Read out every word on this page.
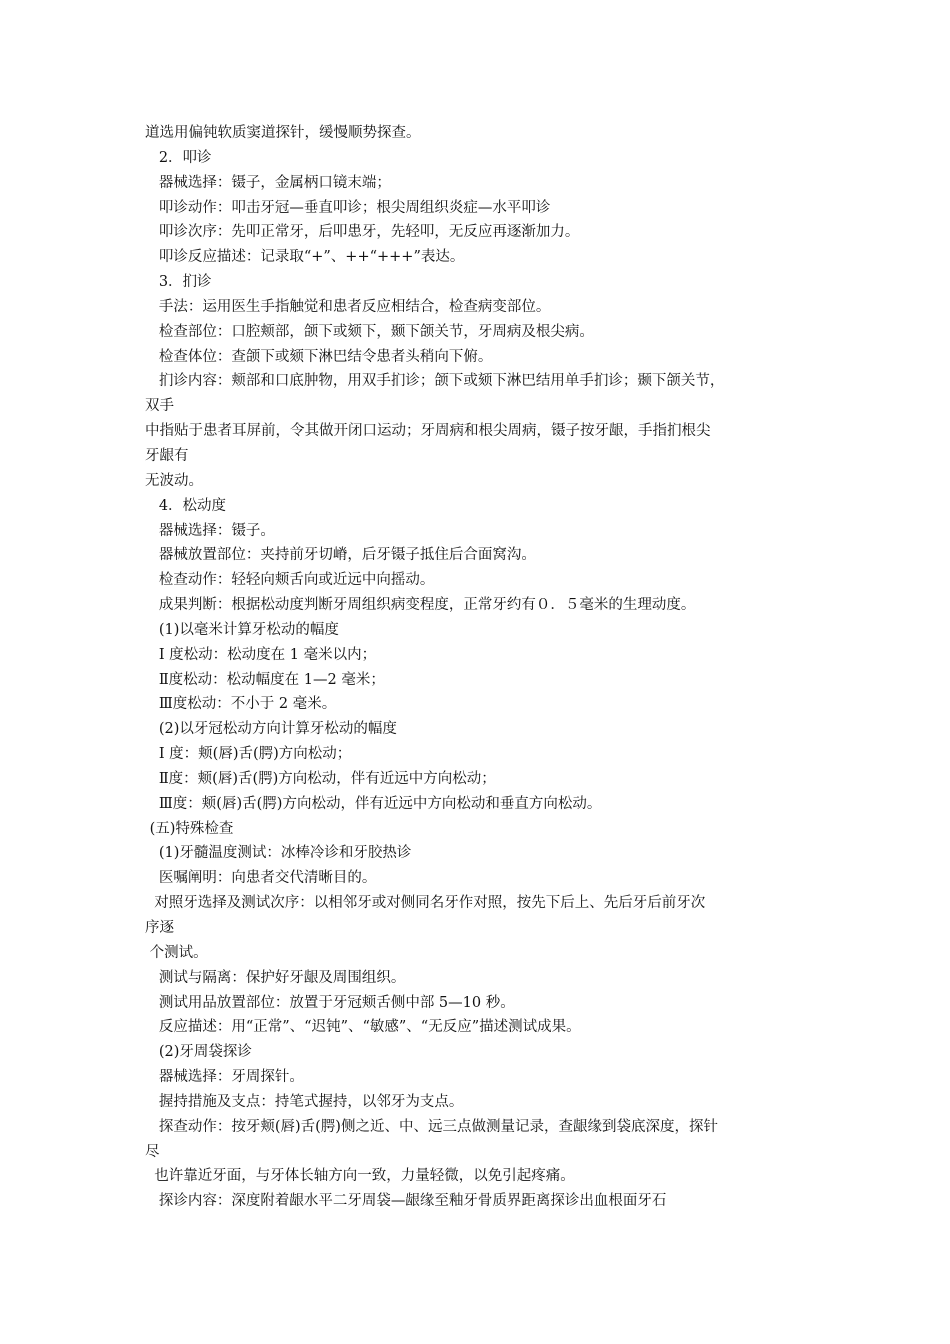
道选用偏钝软质窦道探针，缓慢顺势探查。
2．叩诊
器械选择：镊子，金属柄口镜末端；
叩诊动作：叩击牙冠—垂直叩诊；根尖周组织炎症—水平叩诊
叩诊次序：先叩正常牙，后叩患牙，先轻叩，无反应再逐渐加力。
叩诊反应描述：记录取“+”、++“+++”表达。
3．扪诊
手法：运用医生手指触觉和患者反应相结合，检查病变部位。
检查部位：口腔颊部，颌下或颏下，颞下颌关节，牙周病及根尖病。
检查体位：查颌下或颏下淋巴结令患者头稍向下俯。
扪诊内容：颊部和口底肿物，用双手扪诊；颌下或颏下淋巴结用单手扪诊；颞下颌关节，
双手
中指贴于患者耳屏前，令其做开闭口运动；牙周病和根尖周病，镊子按牙龈，手指扪根尖
牙龈有
无波动。
4．松动度
器械选择：镊子。
器械放置部位：夹持前牙切嵴，后牙镊子抵住后合面窝沟。
检查动作：轻轻向颊舌向或近远中向摇动。
成果判断：根据松动度判断牙周组织病变程度，正常牙约有０．５毫米的生理动度。
(1)以毫米计算牙松动的幅度
I 度松动：松动度在 1 毫米以内；
Ⅱ度松动：松动幅度在 1—2 毫米；
Ⅲ度松动：不小于 2 毫米。
(2)以牙冠松动方向计算牙松动的幅度
I 度：颊(唇)舌(腭)方向松动；
Ⅱ度：颊(唇)舌(腭)方向松动，伴有近远中方向松动；
Ⅲ度：颊(唇)舌(腭)方向松动，伴有近远中方向松动和垂直方向松动。
(五)特殊检查
(1)牙髓温度测试：冰棒冷诊和牙胶热诊
医嘱阐明：向患者交代清晰目的。
对照牙选择及测试次序：以相邻牙或对侧同名牙作对照，按先下后上、先后牙后前牙次
序逐
个测试。
测试与隔离：保护好牙龈及周围组织。
测试用品放置部位：放置于牙冠颊舌侧中部 5—10 秒。
反应描述：用“正常”、“迟钝”、“敏感”、“无反应”描述测试成果。
(2)牙周袋探诊
器械选择：牙周探针。
握持措施及支点：持笔式握持，以邻牙为支点。
探查动作：按牙颊(唇)舌(腭)侧之近、中、远三点做测量记录，查龈缘到袋底深度，探针
尽
也许靠近牙面，与牙体长轴方向一致，力量轻微，以免引起疼痛。
探诊内容：深度附着龈水平二牙周袋—龈缘至釉牙骨质界距离探诊出血根面牙石
